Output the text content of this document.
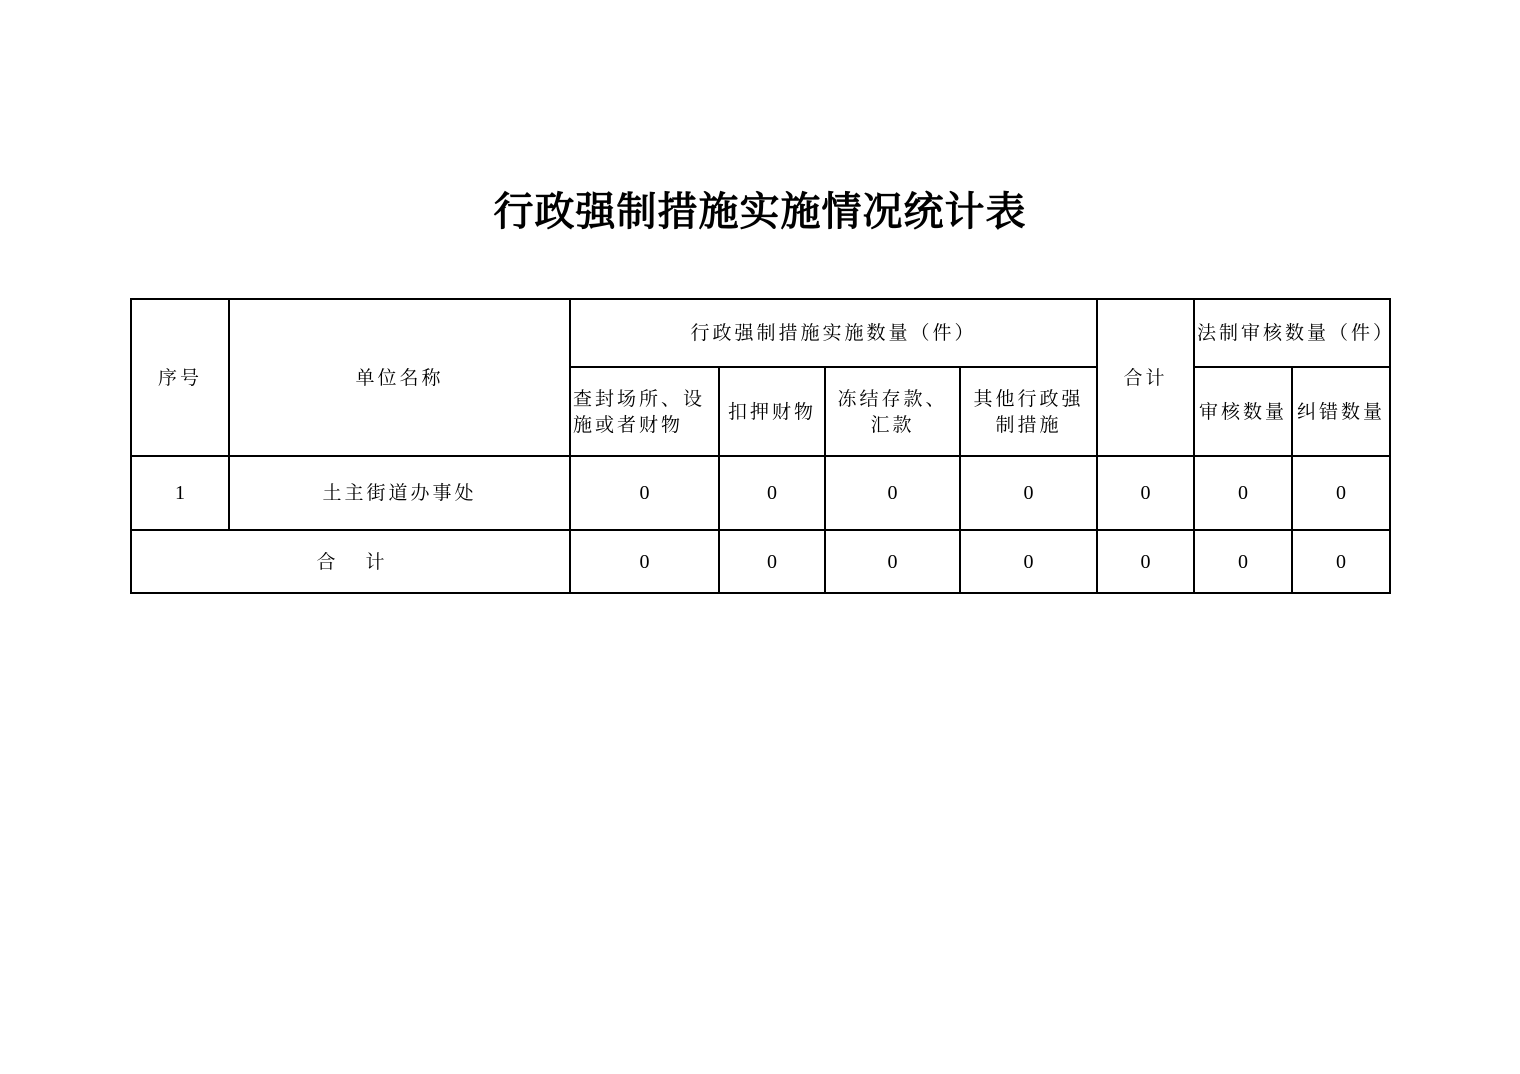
行政强制措施实施情况统计表
序号	单位名称	行政强制措施实施数量（件）				合计	法制审核数量（件）	
		查封场所、设施或者财物	扣押财物	冻结存款、汇款	其他行政强制措施		审核数量	纠错数量
1	土主街道办事处	0	0	0	0	0	0	0
合 计		0	0	0	0	0	0	0
